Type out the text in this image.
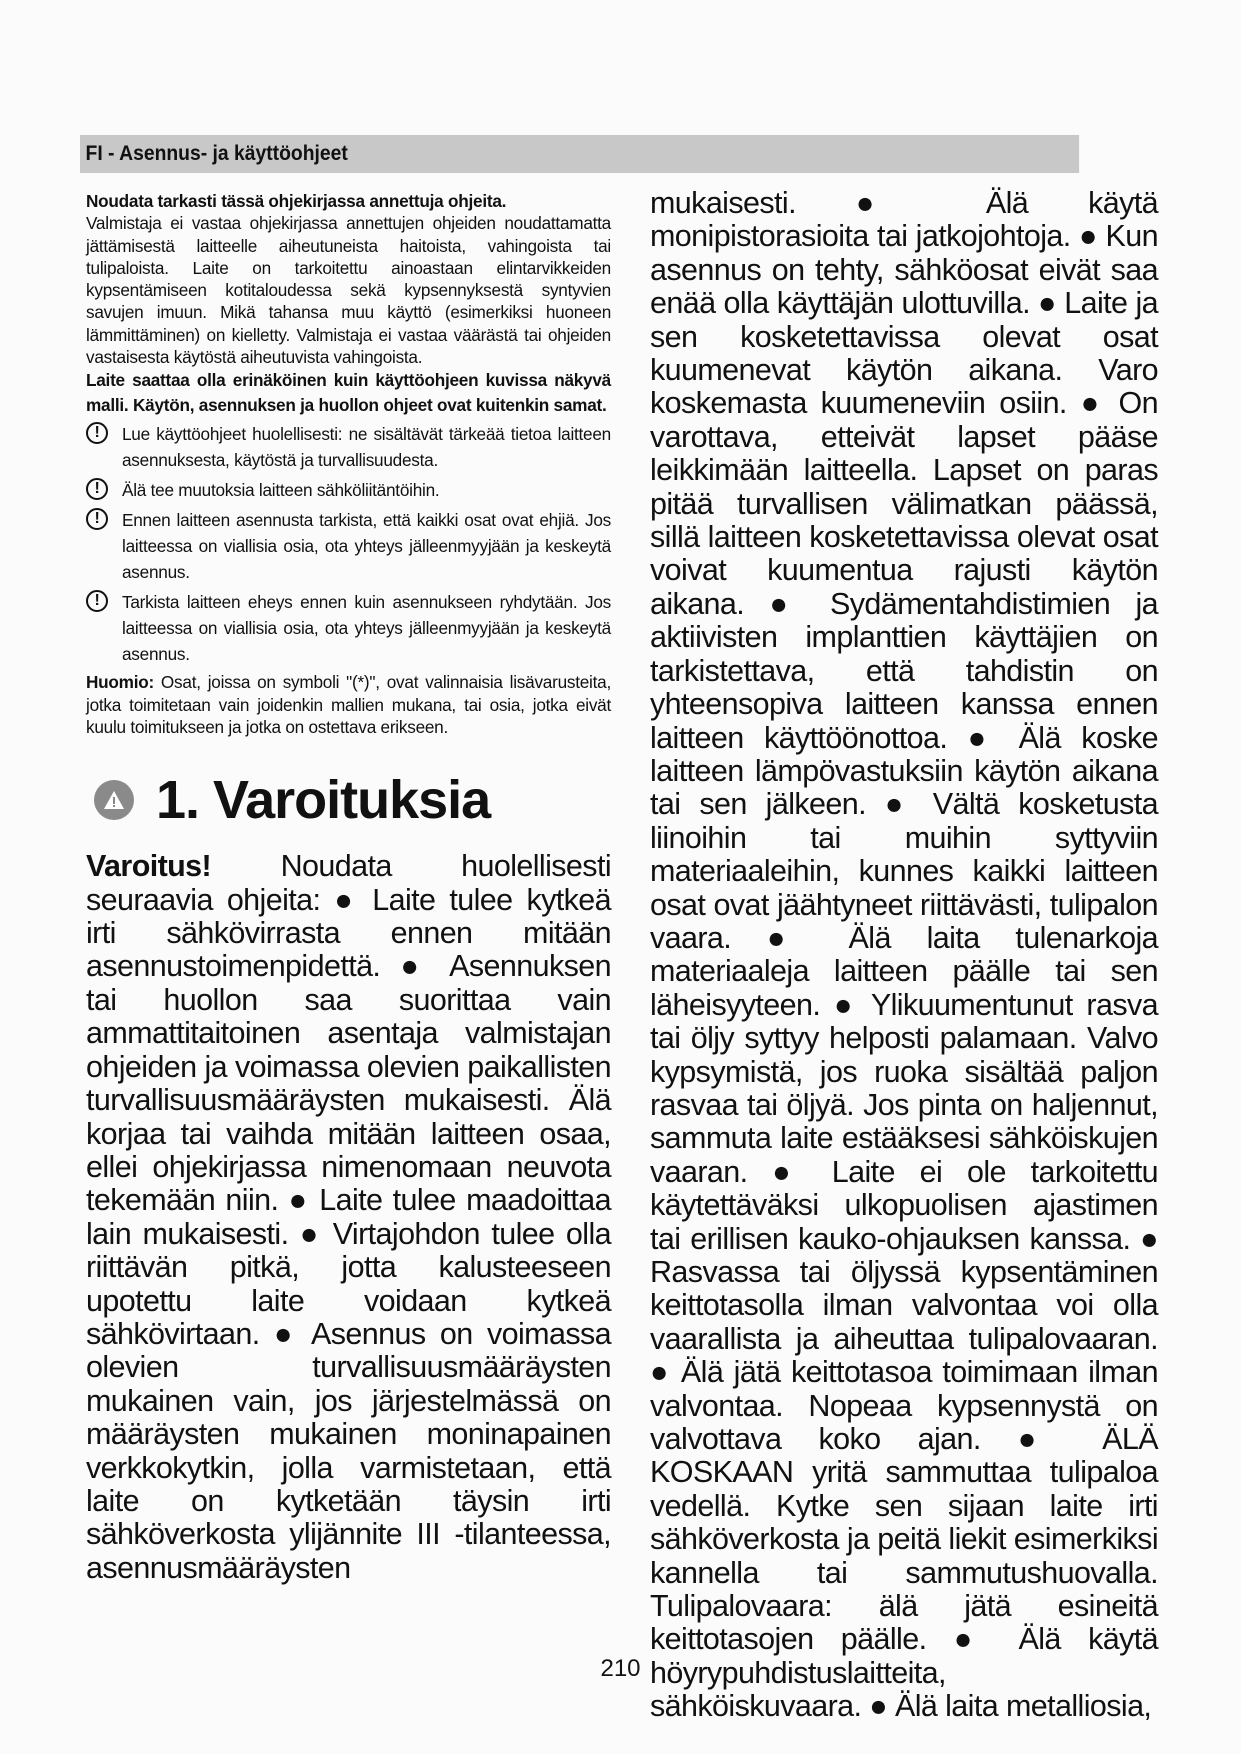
FI - Asennus- ja käyttöohjeet

Noudata tarkasti tässä ohjekirjassa annettuja ohjeita.

Valmistaja ei vastaa ohjekirjassa annettujen ohjeiden noudattamatta jättämisestä laitteelle aiheutuneista haitoista, vahingoista tai tulipaloista. Laite on tarkoitettu ainoastaan elintarvikkeiden kypsentämiseen kotitaloudessa sekä kypsennyksestä syntyvien savujen imuun. Mikä tahansa muu käyttö (esimerkiksi huoneen lämmittäminen) on kielletty. Valmistaja ei vastaa väärästä tai ohjeiden vastaisesta käytöstä aiheutuvista vahingoista.

Laite saattaa olla erinäköinen kuin käyttöohjeen kuvissa näkyvä malli. Käytön, asennuksen ja huollon ohjeet ovat kuitenkin samat.

!	Lue käyttöohjeet huolellisesti: ne sisältävät tärkeää tietoa laitteen asennuksesta, käytöstä ja turvallisuudesta.
!	Älä tee muutoksia laitteen sähköliitäntöihin.
!	Ennen laitteen asennusta tarkista, että kaikki osat ovat ehjiä. Jos laitteessa on viallisia osia, ota yhteys jälleenmyyjään ja keskeytä asennus.
!	Tarkista laitteen eheys ennen kuin asennukseen ryhdytään. Jos laitteessa on viallisia osia, ota yhteys jälleenmyyjään ja keskeytä asennus.

Huomio: Osat, joissa on symboli "(*)", ovat valinnaisia lisävarusteita, jotka toimitetaan vain joidenkin mallien mukana, tai osia, jotka eivät kuulu toimitukseen ja jotka on ostettava erikseen.

1. Varoituksia

Varoitus! Noudata huolellisesti seuraavia ohjeita: ● Laite tulee kytkeä irti sähkövirrasta ennen mitään asennustoimenpidettä. ● Asennuksen tai huollon saa suorittaa vain ammattitaitoinen asentaja valmistajan ohjeiden ja voimassa olevien paikallisten turvallisuusmääräysten mukaisesti. Älä korjaa tai vaihda mitään laitteen osaa, ellei ohjekirjassa nimenomaan neuvota tekemään niin. ● Laite tulee maadoittaa lain mukaisesti. ● Virtajohdon tulee olla riittävän pitkä, jotta kalusteeseen upotettu laite voidaan kytkeä sähkövirtaan. ● Asennus on voimassa olevien turvallisuusmääräysten mukainen vain, jos järjestelmässä on määräysten mukainen moninapainen verkkokytkin, jolla varmistetaan, että laite on kytketään täysin irti sähköverkosta ylijännite III -tilanteessa, asennusmääräysten

mukaisesti. ● Älä käytä monipistorasioita tai jatkojohtoja. ● Kun asennus on tehty, sähköosat eivät saa enää olla käyttäjän ulottuvilla. ● Laite ja sen kosketettavissa olevat osat kuumenevat käytön aikana. Varo koskemasta kuumeneviin osiin. ● On varottava, etteivät lapset pääse leikkimään laitteella. Lapset on paras pitää turvallisen välimatkan päässä, sillä laitteen kosketettavissa olevat osat voivat kuumentua rajusti käytön aikana. ● Sydämentahdistimien ja aktiivisten implanttien käyttäjien on tarkistettava, että tahdistin on yhteensopiva laitteen kanssa ennen laitteen käyttöönottoa. ● Älä koske laitteen lämpövastuksiin käytön aikana tai sen jälkeen. ● Vältä kosketusta liinoihin tai muihin syttyviin materiaaleihin, kunnes kaikki laitteen osat ovat jäähtyneet riittävästi, tulipalon vaara. ● Älä laita tulenarkoja materiaaleja laitteen päälle tai sen läheisyyteen. ● Ylikuumentunut rasva tai öljy syttyy helposti palamaan. Valvo kypsymistä, jos ruoka sisältää paljon rasvaa tai öljyä. Jos pinta on haljennut, sammuta laite estääksesi sähköiskujen vaaran. ● Laite ei ole tarkoitettu käytettäväksi ulkopuolisen ajastimen tai erillisen kauko-ohjauksen kanssa. ● Rasvassa tai öljyssä kypsentäminen keittotasolla ilman valvontaa voi olla vaarallista ja aiheuttaa tulipalovaaran. ● Älä jätä keittotasoa toimimaan ilman valvontaa. Nopeaa kypsennystä on valvottava koko ajan. ● ÄLÄ KOSKAAN yritä sammuttaa tulipaloa vedellä. Kytke sen sijaan laite irti sähköverkosta ja peitä liekit esimerkiksi kannella tai sammutushuovalla. Tulipalovaara: älä jätä esineitä keittotasojen päälle. ● Älä käytä höyrypuhdistuslaitteita, sähköiskuvaara. ● Älä laita metalliosia,

210
